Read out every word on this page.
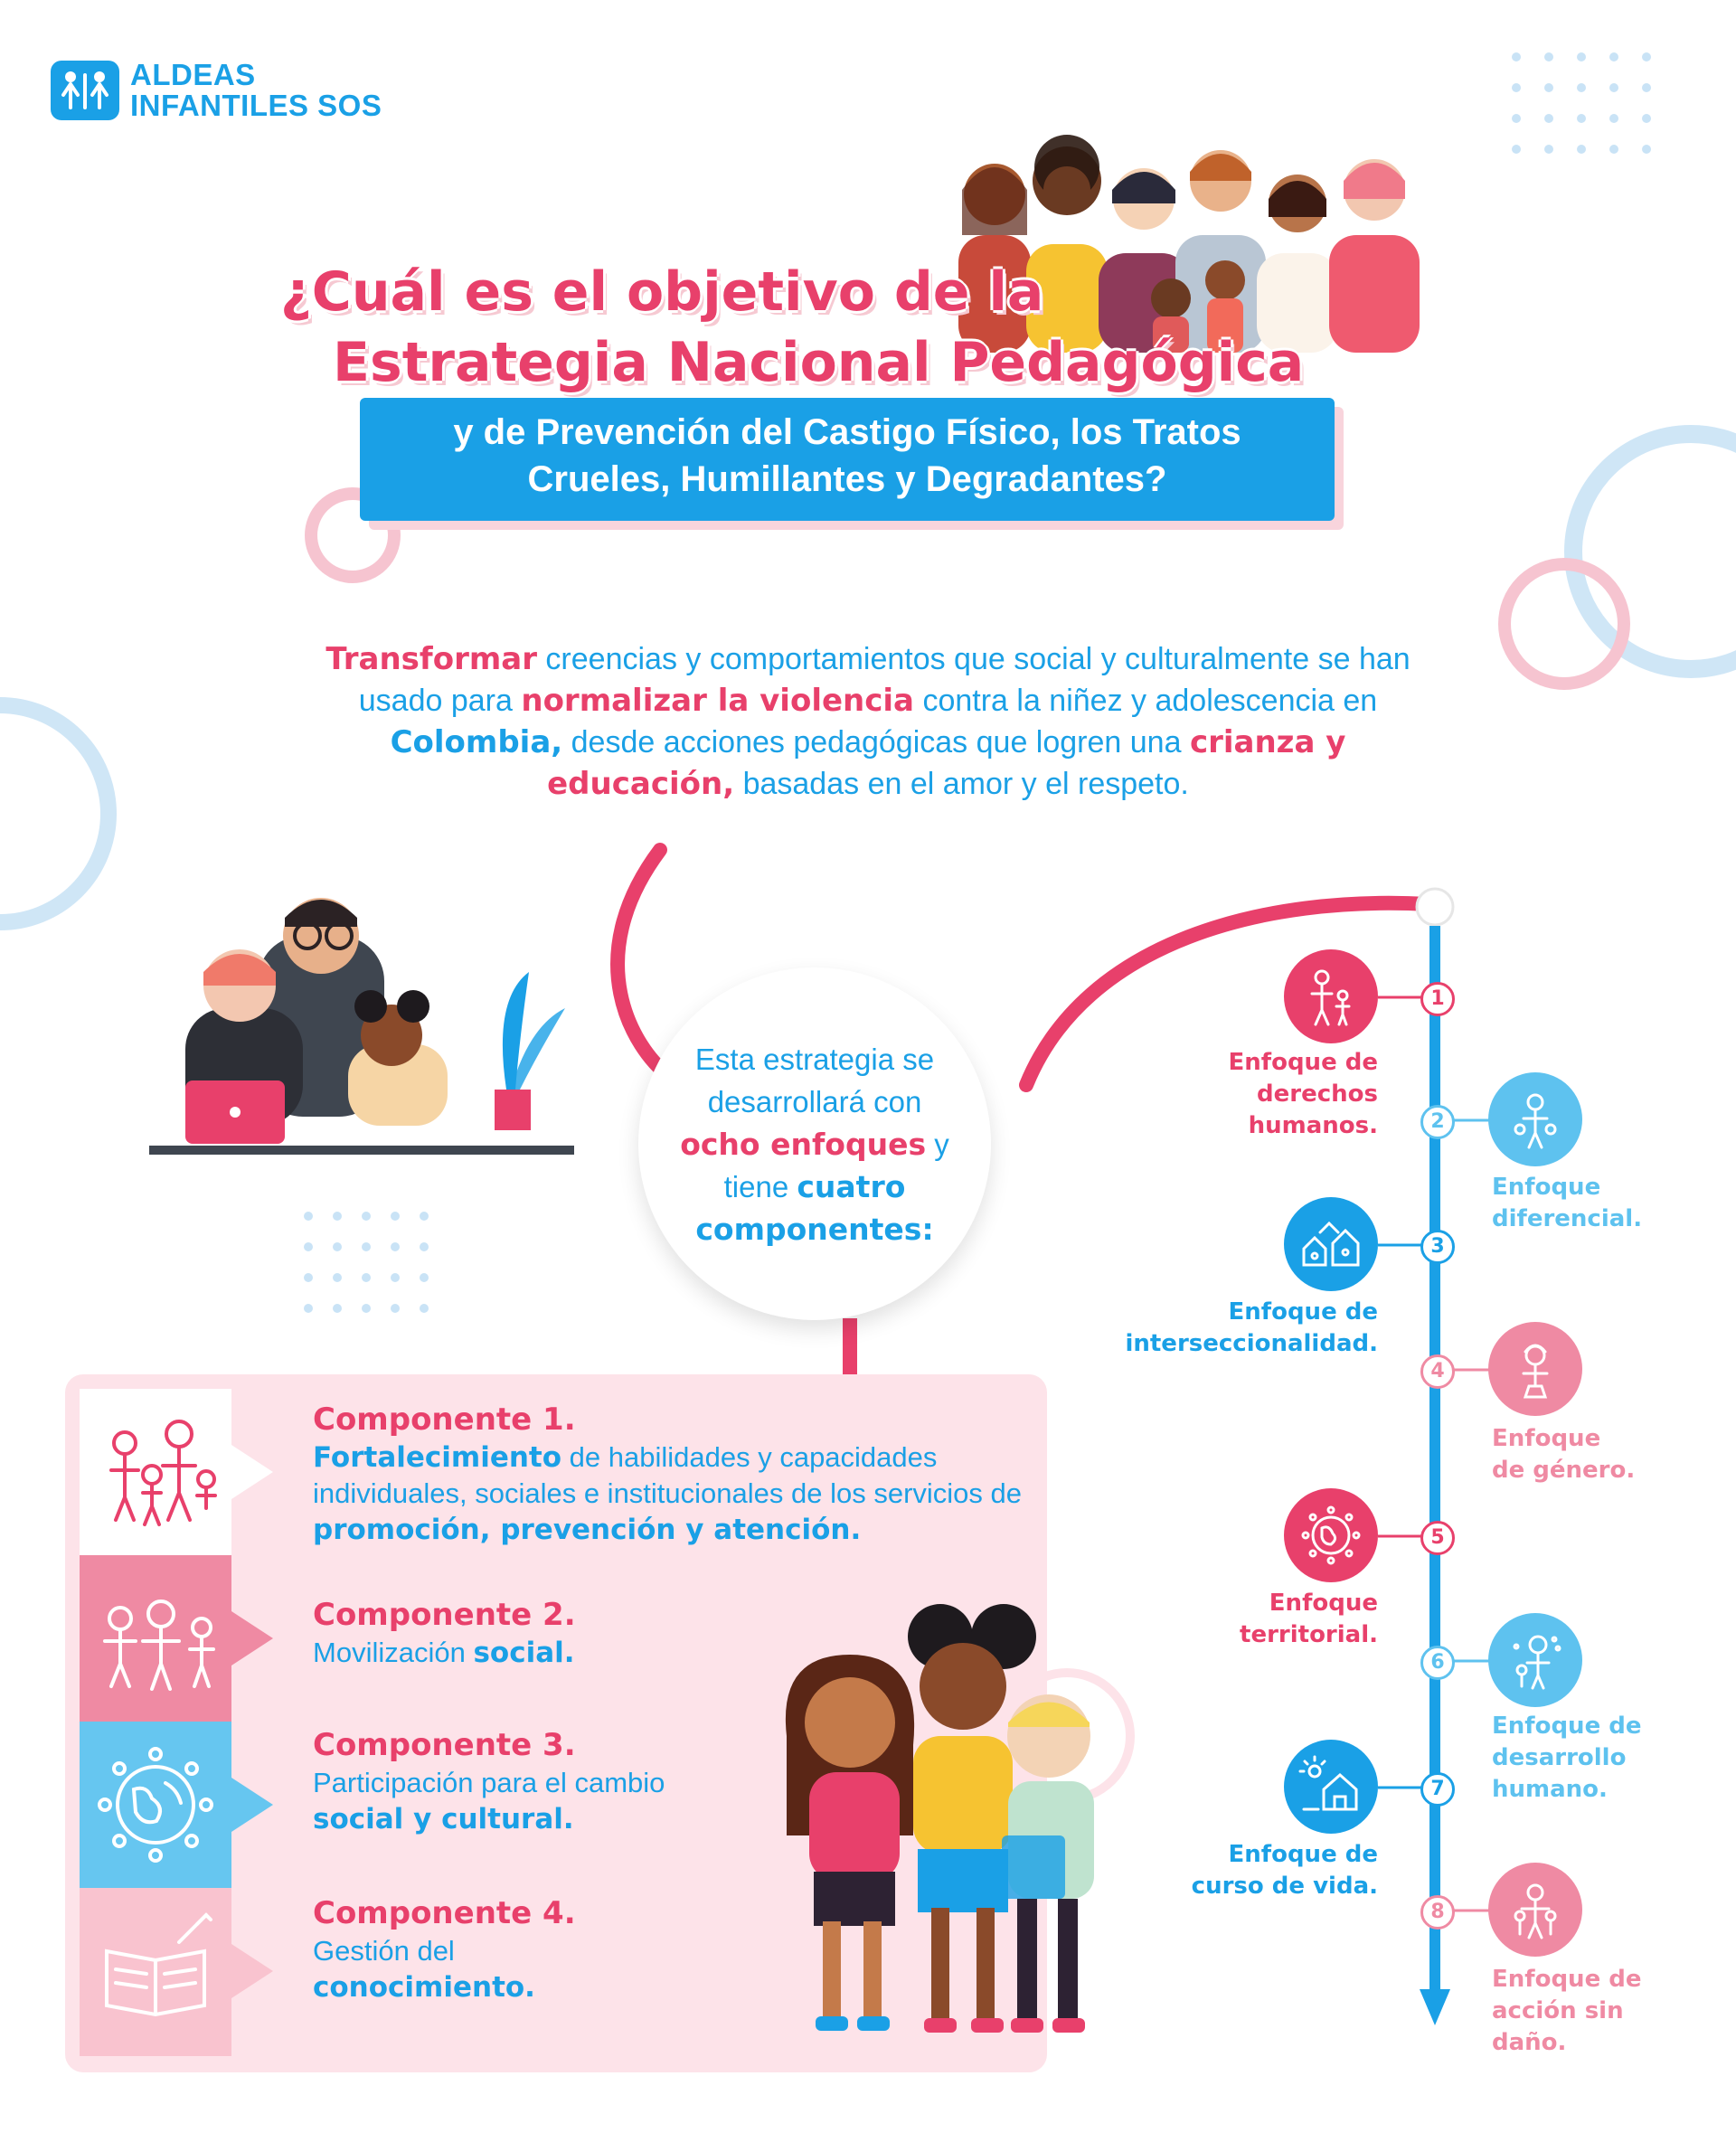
ALDEAS
INFANTILES SOS
¿Cuál es el objetivo de la
Estrategia Nacional Pedagógica
y de Prevención del Castigo Físico, los Tratos
Crueles, Humillantes y Degradantes?
Transformar creencias y comportamientos que social y culturalmente se han usado para normalizar la violencia contra la niñez y adolescencia en Colombia, desde acciones pedagógicas que logren una crianza y educación, basadas en el amor y el respeto.
Esta estrategia se desarrollará con ocho enfoques y tiene cuatro componentes:
Componente 1.
Fortalecimiento de habilidades y capacidades individuales, sociales e institucionales de los servicios de promoción, prevención y atención.
Componente 2.
Movilización social.
Componente 3.
Participación para el cambio
social y cultural.
Componente 4.
Gestión del
conocimiento.
1
Enfoque de
derechos
humanos.	2
Enfoque
diferencial.
3
Enfoque de
interseccionalidad.
4
Enfoque
de género.
5
Enfoque
territorial.
6
Enfoque de
desarrollo
humano.
7
Enfoque de
curso de vida.
8
Enfoque de
acción sin
daño.
